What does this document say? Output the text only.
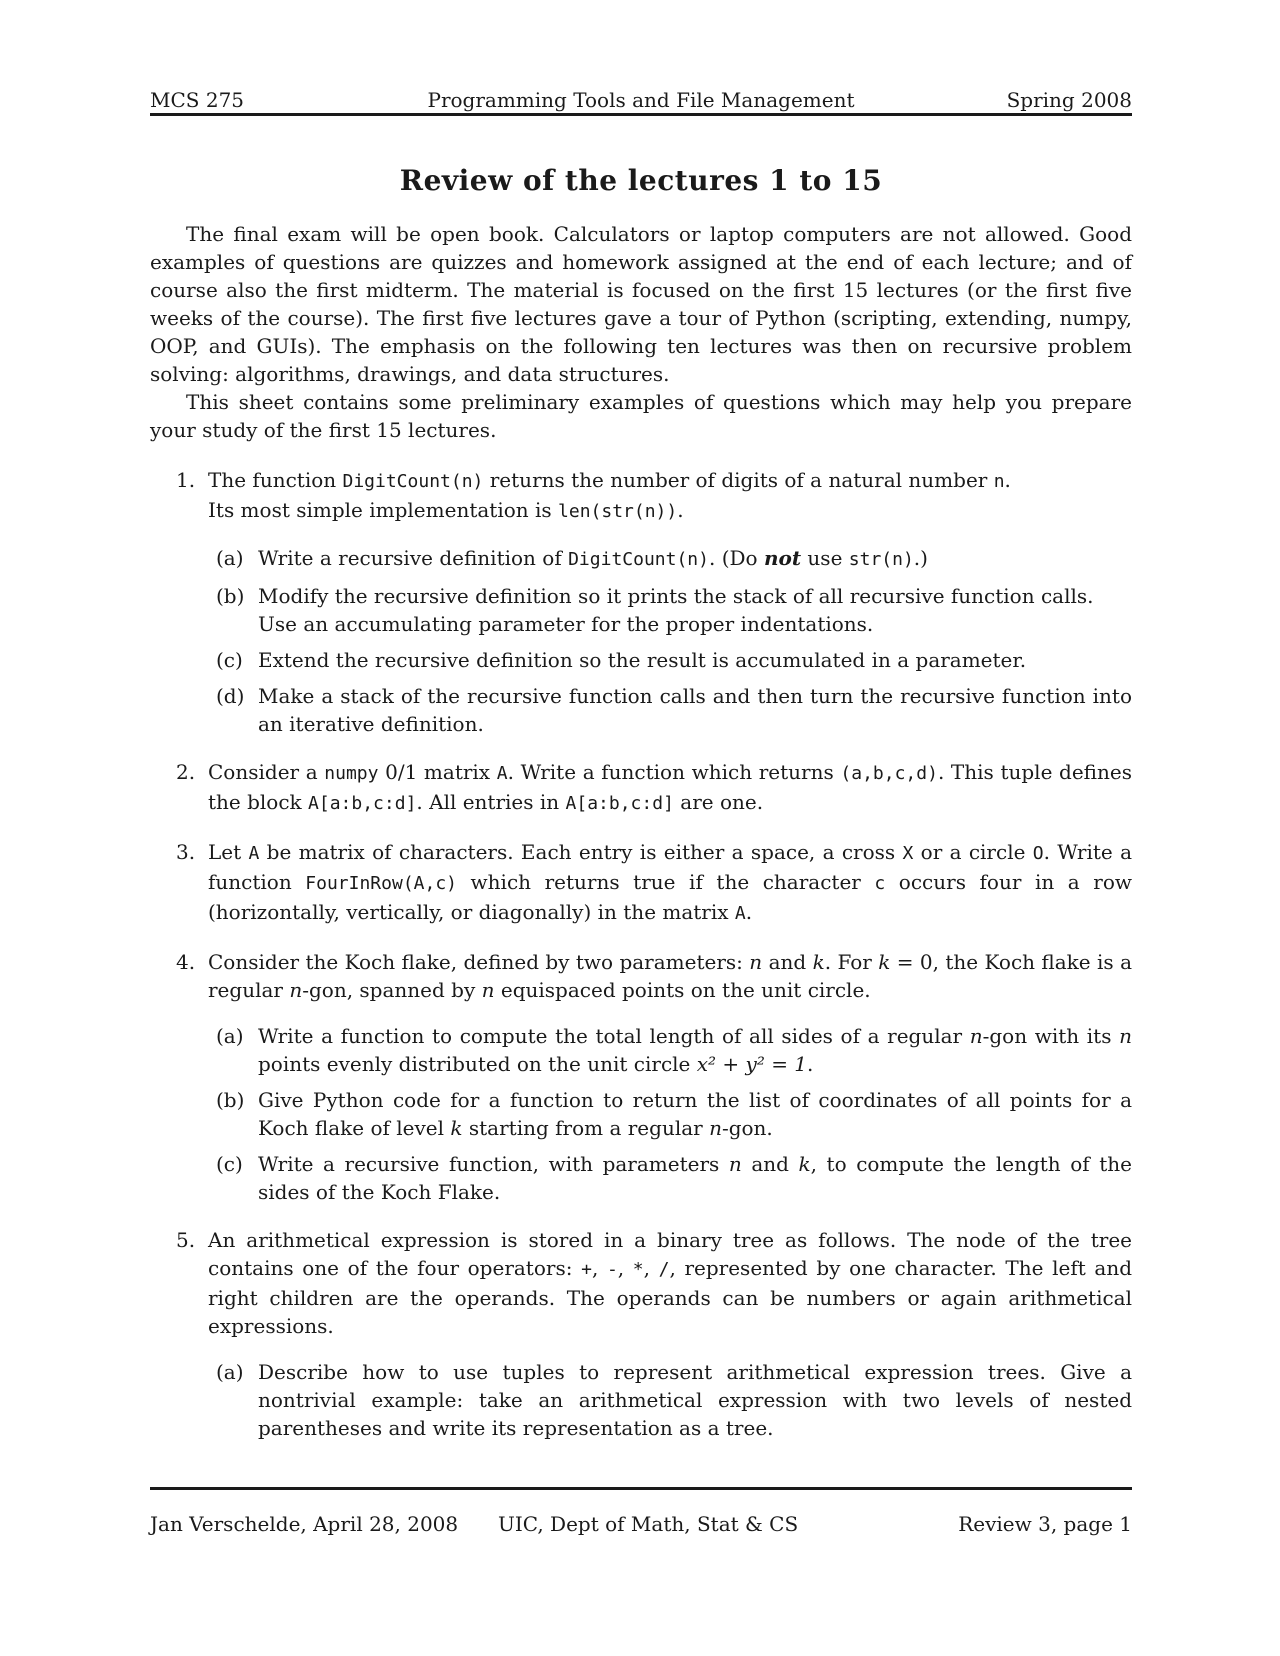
MCS 275	Programming Tools and File Management	Spring 2008
Review of the lectures 1 to 15

The final exam will be open book. Calculators or laptop computers are not allowed. Good examples of questions are quizzes and homework assigned at the end of each lecture; and of course also the first midterm. The material is focused on the first 15 lectures (or the first five weeks of the course). The first five lectures gave a tour of Python (scripting, extending, numpy, OOP, and GUIs). The emphasis on the following ten lectures was then on recursive problem solving: algorithms, drawings, and data structures.

This sheet contains some preliminary examples of questions which may help you prepare your study of the first 15 lectures.

1. The function DigitCount(n) returns the number of digits of a natural number n.
Its most simple implementation is len(str(n)).
(a) Write a recursive definition of DigitCount(n). (Do not use str(n).)
(b) Modify the recursive definition so it prints the stack of all recursive function calls.
Use an accumulating parameter for the proper indentations.
(c) Extend the recursive definition so the result is accumulated in a parameter.
(d) Make a stack of the recursive function calls and then turn the recursive function into an iterative definition.
2. Consider a numpy 0/1 matrix A. Write a function which returns (a,b,c,d). This tuple defines the block A[a:b,c:d]. All entries in A[a:b,c:d] are one.
3. Let A be matrix of characters. Each entry is either a space, a cross X or a circle O. Write a function FourInRow(A,c) which returns true if the character c occurs four in a row (horizontally, vertically, or diagonally) in the matrix A.
4. Consider the Koch flake, defined by two parameters: n and k. For k = 0, the Koch flake is a regular n-gon, spanned by n equispaced points on the unit circle.
(a) Write a function to compute the total length of all sides of a regular n-gon with its n points evenly distributed on the unit circle x² + y² = 1.
(b) Give Python code for a function to return the list of coordinates of all points for a Koch flake of level k starting from a regular n-gon.
(c) Write a recursive function, with parameters n and k, to compute the length of the sides of the Koch Flake.
5. An arithmetical expression is stored in a binary tree as follows. The node of the tree contains one of the four operators: +, -, *, /, represented by one character. The left and right children are the operands. The operands can be numbers or again arithmetical expressions.
(a) Describe how to use tuples to represent arithmetical expression trees. Give a nontrivial example: take an arithmetical expression with two levels of nested parentheses and write its representation as a tree.
Jan Verschelde, April 28, 2008 UIC, Dept of Math, Stat & CS	Review 3, page 1
